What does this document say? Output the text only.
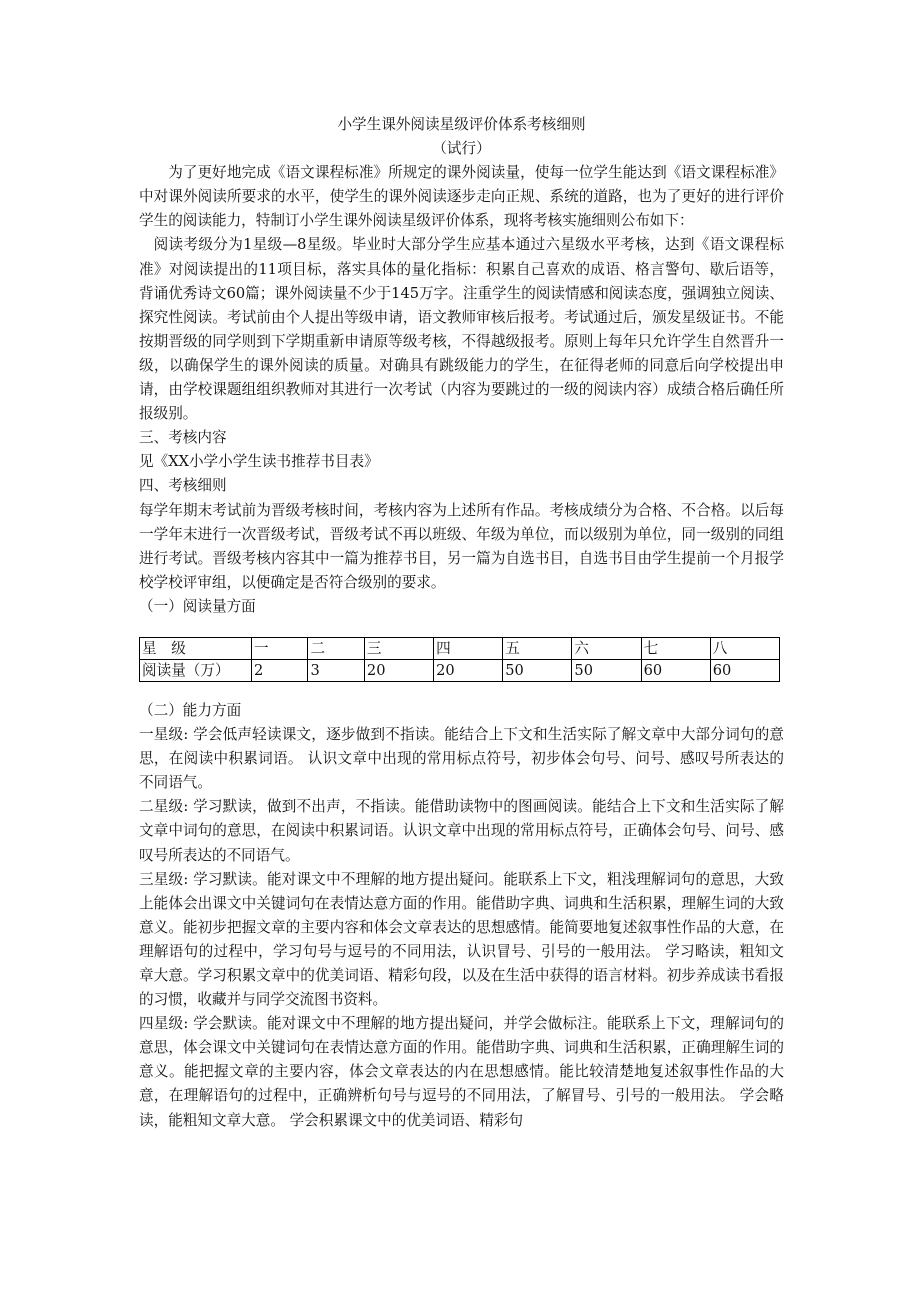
小学生课外阅读星级评价体系考核细则

（试行）

为了更好地完成《语文课程标准》所规定的课外阅读量，使每一位学生能达到《语文课程标准》中对课外阅读所要求的水平，使学生的课外阅读逐步走向正规、系统的道路，也为了更好的进行评价学生的阅读能力，特制订小学生课外阅读星级评价体系，现将考核实施细则公布如下：

阅读考级分为1星级—8星级。毕业时大部分学生应基本通过六星级水平考核，达到《语文课程标准》对阅读提出的11项目标，落实具体的量化指标：积累自己喜欢的成语、格言警句、歇后语等，背诵优秀诗文60篇；课外阅读量不少于145万字。注重学生的阅读情感和阅读态度，强调独立阅读、探究性阅读。考试前由个人提出等级申请，语文教师审核后报考。考试通过后，颁发星级证书。不能按期晋级的同学则到下学期重新申请原等级考核，不得越级报考。原则上每年只允许学生自然晋升一级，以确保学生的课外阅读的质量。对确具有跳级能力的学生，在征得老师的同意后向学校提出申请，由学校课题组组织教师对其进行一次考试（内容为要跳过的一级的阅读内容）成绩合格后确任所报级别。

三、考核内容

见《XX小学小学生读书推荐书目表》

四、考核细则

每学年期末考试前为晋级考核时间，考核内容为上述所有作品。考核成绩分为合格、不合格。以后每一学年末进行一次晋级考试，晋级考试不再以班级、年级为单位，而以级别为单位，同一级别的同组进行考试。晋级考核内容其中一篇为推荐书目，另一篇为自选书目，自选书目由学生提前一个月报学校学校评审组，以便确定是否符合级别的要求。

（一）阅读量方面

星　级	一	二	三	四	五	六	七	八
阅读量（万）	2	3	20	20	50	50	60	60

（二）能力方面

一星级: 学会低声轻读课文，逐步做到不指读。能结合上下文和生活实际了解文章中大部分词句的意思，在阅读中积累词语。 认识文章中出现的常用标点符号，初步体会句号、问号、感叹号所表达的不同语气。

二星级: 学习默读，做到不出声，不指读。能借助读物中的图画阅读。能结合上下文和生活实际了解文章中词句的意思，在阅读中积累词语。认识文章中出现的常用标点符号，正确体会句号、问号、感叹号所表达的不同语气。

三星级: 学习默读。能对课文中不理解的地方提出疑问。能联系上下文，粗浅理解词句的意思，大致上能体会出课文中关键词句在表情达意方面的作用。能借助字典、词典和生活积累，理解生词的大致意义。能初步把握文章的主要内容和体会文章表达的思想感情。能简要地复述叙事性作品的大意，在理解语句的过程中，学习句号与逗号的不同用法，认识冒号、引号的一般用法。 学习略读，粗知文章大意。学习积累文章中的优美词语、精彩句段，以及在生活中获得的语言材料。初步养成读书看报的习惯，收藏并与同学交流图书资料。

四星级: 学会默读。能对课文中不理解的地方提出疑问，并学会做标注。能联系上下文，理解词句的意思，体会课文中关键词句在表情达意方面的作用。能借助字典、词典和生活积累，正确理解生词的意义。能把握文章的主要内容，体会文章表达的内在思想感情。能比较清楚地复述叙事性作品的大意，在理解语句的过程中，正确辨析句号与逗号的不同用法，了解冒号、引号的一般用法。 学会略读，能粗知文章大意。 学会积累课文中的优美词语、精彩句
